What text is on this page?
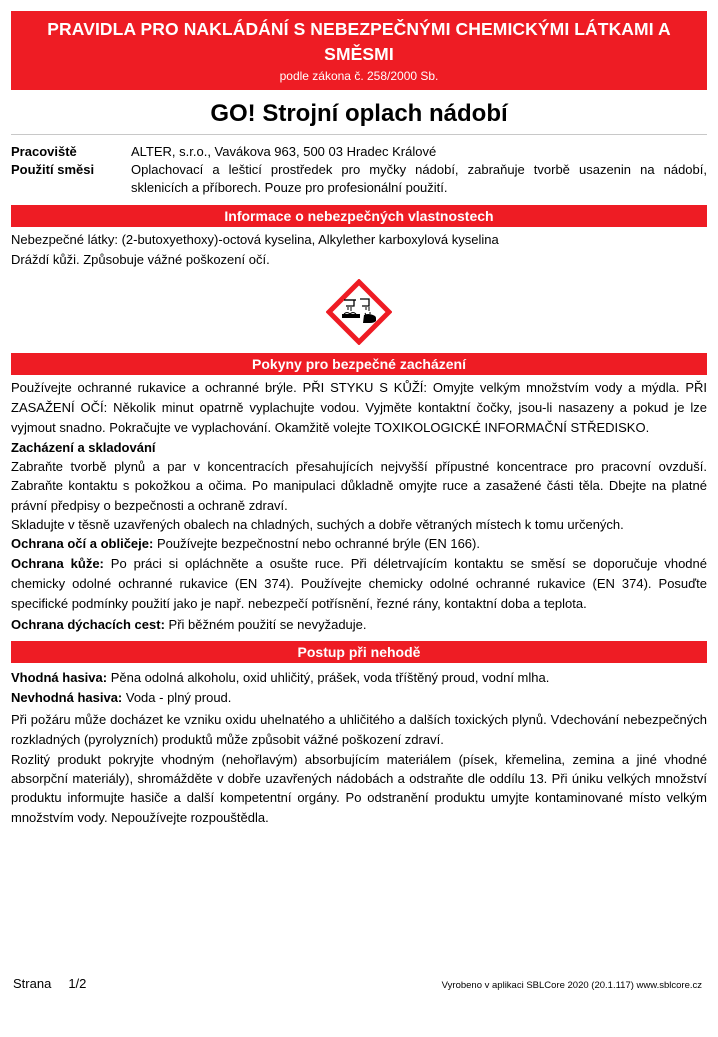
PRAVIDLA PRO NAKLÁDÁNÍ S NEBEZPEČNÝMI CHEMICKÝMI LÁTKAMI A SMĚSMI
podle zákona č. 258/2000 Sb.
GO! Strojní oplach nádobí
Pracoviště	ALTER, s.r.o., Vavákova 963, 500 03 Hradec Králové
Použití směsi	Oplachovací a lešticí prostředek pro myčky nádobí, zabraňuje tvorbě usazenin na nádobí, sklenicích a příborech. Pouze pro profesionální použití.
Informace o nebezpečných vlastnostech

Nebezpečné látky: (2-butoxyethoxy)-octová kyselina, Alkylether karboxylová kyselina

Dráždí kůži. Způsobuje vážné poškození očí.

Pokyny pro bezpečné zacházení

Používejte ochranné rukavice a ochranné brýle. PŘI STYKU S KŮŽÍ: Omyjte velkým množstvím vody a mýdla. PŘI ZASAŽENÍ OČÍ: Několik minut opatrně vyplachujte vodou. Vyjměte kontaktní čočky, jsou-li nasazeny a pokud je lze vyjmout snadno. Pokračujte ve vyplachování. Okamžitě volejte TOXIKOLOGICKÉ INFORMAČNÍ STŘEDISKO.

Zacházení a skladování

Zabraňte tvorbě plynů a par v koncentracích přesahujících nejvyšší přípustné koncentrace pro pracovní ovzduší. Zabraňte kontaktu s pokožkou a očima. Po manipulaci důkladně omyjte ruce a zasažené části těla. Dbejte na platné právní předpisy o bezpečnosti a ochraně zdraví.

Skladujte v těsně uzavřených obalech na chladných, suchých a dobře větraných místech k tomu určených.

Ochrana očí a obličeje: Používejte bezpečnostní nebo ochranné brýle (EN 166).

Ochrana kůže: Po práci si opláchněte a osušte ruce. Při déletrvajícím kontaktu se směsí se doporučuje vhodné chemicky odolné ochranné rukavice (EN 374). Používejte chemicky odolné ochranné rukavice (EN 374). Posuďte specifické podmínky použití jako je např. nebezpečí potřísnění, řezné rány, kontaktní doba a teplota.

Ochrana dýchacích cest: Při běžném použití se nevyžaduje.

Postup při nehodě

Vhodná hasiva: Pěna odolná alkoholu, oxid uhličitý, prášek, voda tříštěný proud, vodní mlha.

Nevhodná hasiva: Voda - plný proud.

Při požáru může docházet ke vzniku oxidu uhelnatého a uhličitého a dalších toxických plynů. Vdechování nebezpečných rozkladných (pyrolyzních) produktů může způsobit vážné poškození zdraví.

Rozlitý produkt pokryjte vhodným (nehořlavým) absorbujícím materiálem (písek, křemelina, zemina a jiné vhodné absorpční materiály), shromážděte v dobře uzavřených nádobách a odstraňte dle oddílu 13. Při úniku velkých množství produktu informujte hasiče a další kompetentní orgány. Po odstranění produktu umyjte kontaminované místo velkým množstvím vody. Nepoužívejte rozpouštědla.

Strana 1/2	Vyrobeno v aplikaci SBLCore 2020 (20.1.117) www.sblcore.cz
